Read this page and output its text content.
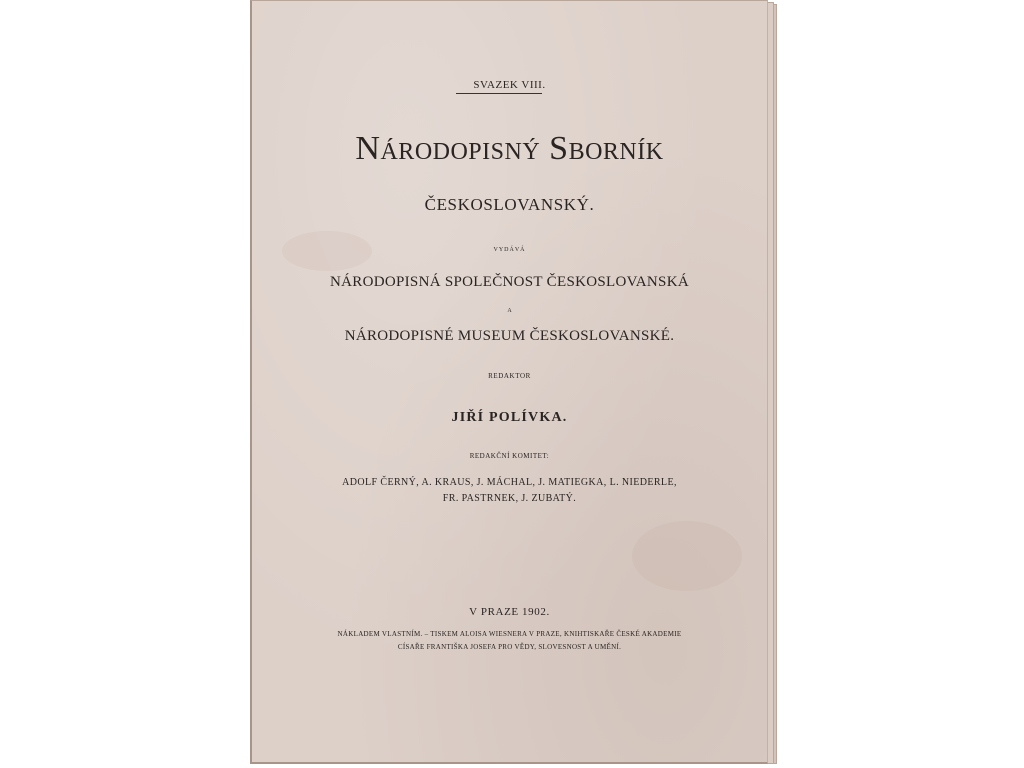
SVAZEK VIII.
Národopisný Sborník
ČESKOSLOVANSKÝ.
VYDÁVÁ
NÁRODOPISNÁ SPOLEČNOST ČESKOSLOVANSKÁ
A
NÁRODOPISNÉ MUSEUM ČESKOSLOVANSKÉ.
REDAKTOR
JIŘÍ POLÍVKA.
REDAKČNÍ KOMITET:
ADOLF ČERNÝ, A. KRAUS, J. MÁCHAL, J. MATIEGKA, L. NIEDERLE,
FR. PASTRNEK, J. ZUBATÝ.
V PRAZE 1902.
NÁKLADEM VLASTNÍM. – TISKEM ALOISA WIESNERA V PRAZE, KNIHTISKAŘE ČESKÉ AKADEMIE
CÍSAŘE FRANTIŠKA JOSEFA PRO VĚDY, SLOVESNOST A UMĚNÍ.
